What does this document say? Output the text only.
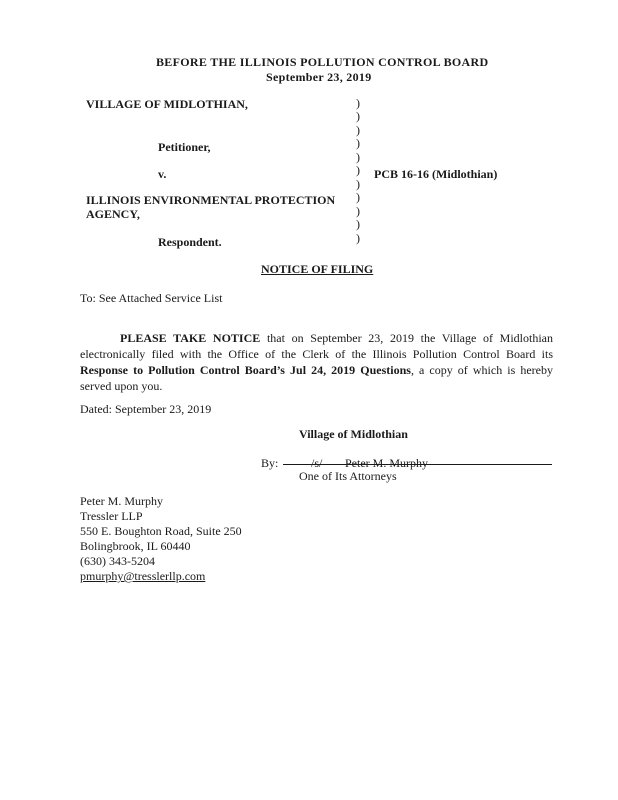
BEFORE THE ILLINOIS POLLUTION CONTROL BOARD
September 23, 2019
VILLAGE OF MIDLOTHIAN,
Petitioner,
v.
ILLINOIS ENVIRONMENTAL PROTECTION
AGENCY,
Respondent.
PCB 16-16 (Midlothian)
)
)
)
)
)
)
)
)
)
)
)
NOTICE OF FILING
To: See Attached Service List
PLEASE TAKE NOTICE that on September 23, 2019 the Village of Midlothian electronically filed with the Office of the Clerk of the Illinois Pollution Control Board its Response to Pollution Control Board’s Jul 24, 2019 Questions, a copy of which is hereby served upon you.
Dated: September 23, 2019
Village of Midlothian
By:	/s/ Peter M. Murphy
One of Its Attorneys
Peter M. Murphy
Tressler LLP
550 E. Boughton Road, Suite 250
Bolingbrook, IL 60440
(630) 343-5204
pmurphy@tresslerllp.com
